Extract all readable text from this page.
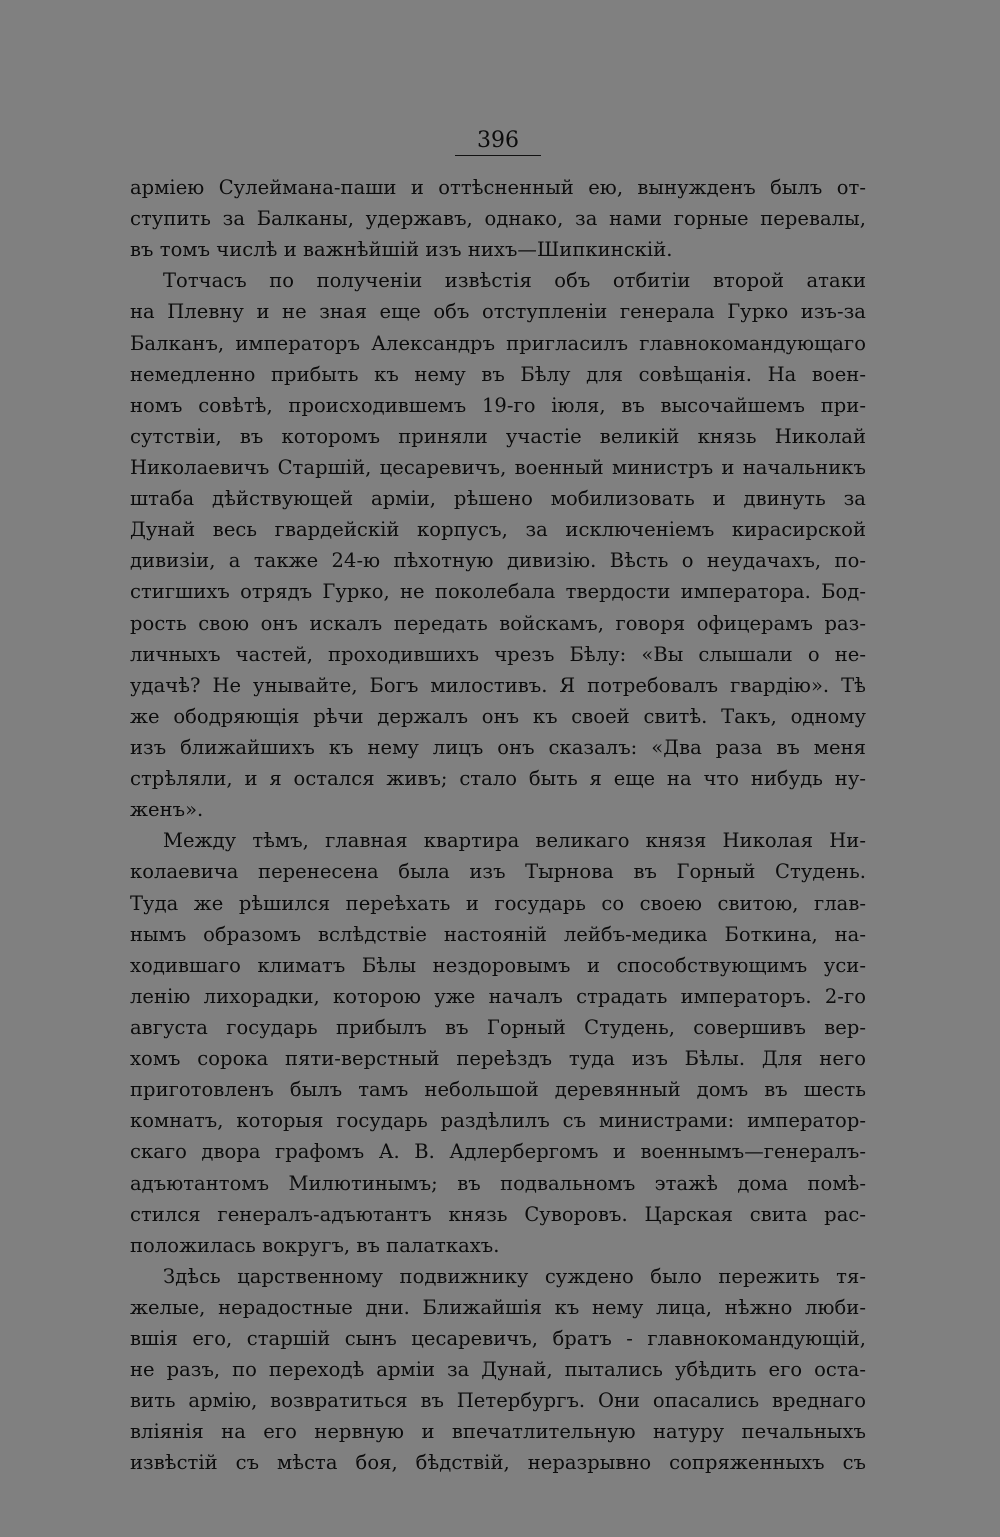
396
армiею Сулеймана-паши и оттѣсненный ею, вынужденъ былъ от-
ступить за Балканы, удержавъ, однако, за нами горные перевалы,
въ томъ числѣ и важнѣйшiй изъ нихъ—Шипкинскiй.
Тотчасъ по полученiи извѣстiя объ отбитiи второй атаки
на Плевну и не зная еще объ отступленiи генерала Гурко изъ-за
Балканъ, императоръ Александръ пригласилъ главнокомандующаго
немедленно прибыть къ нему въ Бѣлу для совѣщанiя. На воен-
номъ совѣтѣ, происходившемъ 19-го iюля, въ высочайшемъ при-
сутствiи, въ которомъ приняли участiе великiй князь Николай
Николаевичъ Старшiй, цесаревичъ, военный министръ и начальникъ
штаба дѣйствующей армiи, рѣшено мобилизовать и двинуть за
Дунай весь гвардейскiй корпусъ, за исключенiемъ кирасирской
дивизiи, а также 24-ю пѣхотную дивизiю. Вѣсть о неудачахъ, по-
стигшихъ отрядъ Гурко, не поколебала твердости императора. Бод-
рость свою онъ искалъ передать войскамъ, говоря офицерамъ раз-
личныхъ частей, проходившихъ чрезъ Бѣлу: «Вы слышали о не-
удачѣ? Не унывайте, Богъ милостивъ. Я потребовалъ гвардiю». Тѣ
же ободряющiя рѣчи держалъ онъ къ своей свитѣ. Такъ, одному
изъ ближайшихъ къ нему лицъ онъ сказалъ: «Два раза въ меня
стрѣляли, и я остался живъ; стало быть я еще на что нибудь ну-
женъ».
Между тѣмъ, главная квартира великаго князя Николая Ни-
колаевича перенесена была изъ Тырнова въ Горный Студень.
Туда же рѣшился переѣхать и государь со своею свитою, глав-
нымъ образомъ вслѣдствiе настоянiй лейбъ-медика Боткина, на-
ходившаго климатъ Бѣлы нездоровымъ и способствующимъ уси-
ленiю лихорадки, которою уже началъ страдать императоръ. 2-го
августа государь прибылъ въ Горный Студень, совершивъ вер-
хомъ сорока пяти-верстный переѣздъ туда изъ Бѣлы. Для него
приготовленъ былъ тамъ небольшой деревянный домъ въ шесть
комнатъ, которыя государь раздѣлилъ съ министрами: император-
скаго двора графомъ А. В. Адлербергомъ и военнымъ—генералъ-
адъютантомъ Милютинымъ; въ подвальномъ этажѣ дома помѣ-
стился генералъ-адъютантъ князь Суворовъ. Царская свита рас-
положилась вокругъ, въ палаткахъ.
Здѣсь царственному подвижнику суждено было пережить тя-
желые, нерадостные дни. Ближайшiя къ нему лица, нѣжно люби-
вшiя его, старшiй сынъ цесаревичъ, братъ - главнокомандующiй,
не разъ, по переходѣ армiи за Дунай, пытались убѣдить его оста-
вить армiю, возвратиться въ Петербургъ. Они опасались вреднаго
влiянiя на его нервную и впечатлительную натуру печальныхъ
извѣстiй съ мѣста боя, бѣдствiй, неразрывно сопряженныхъ съ
